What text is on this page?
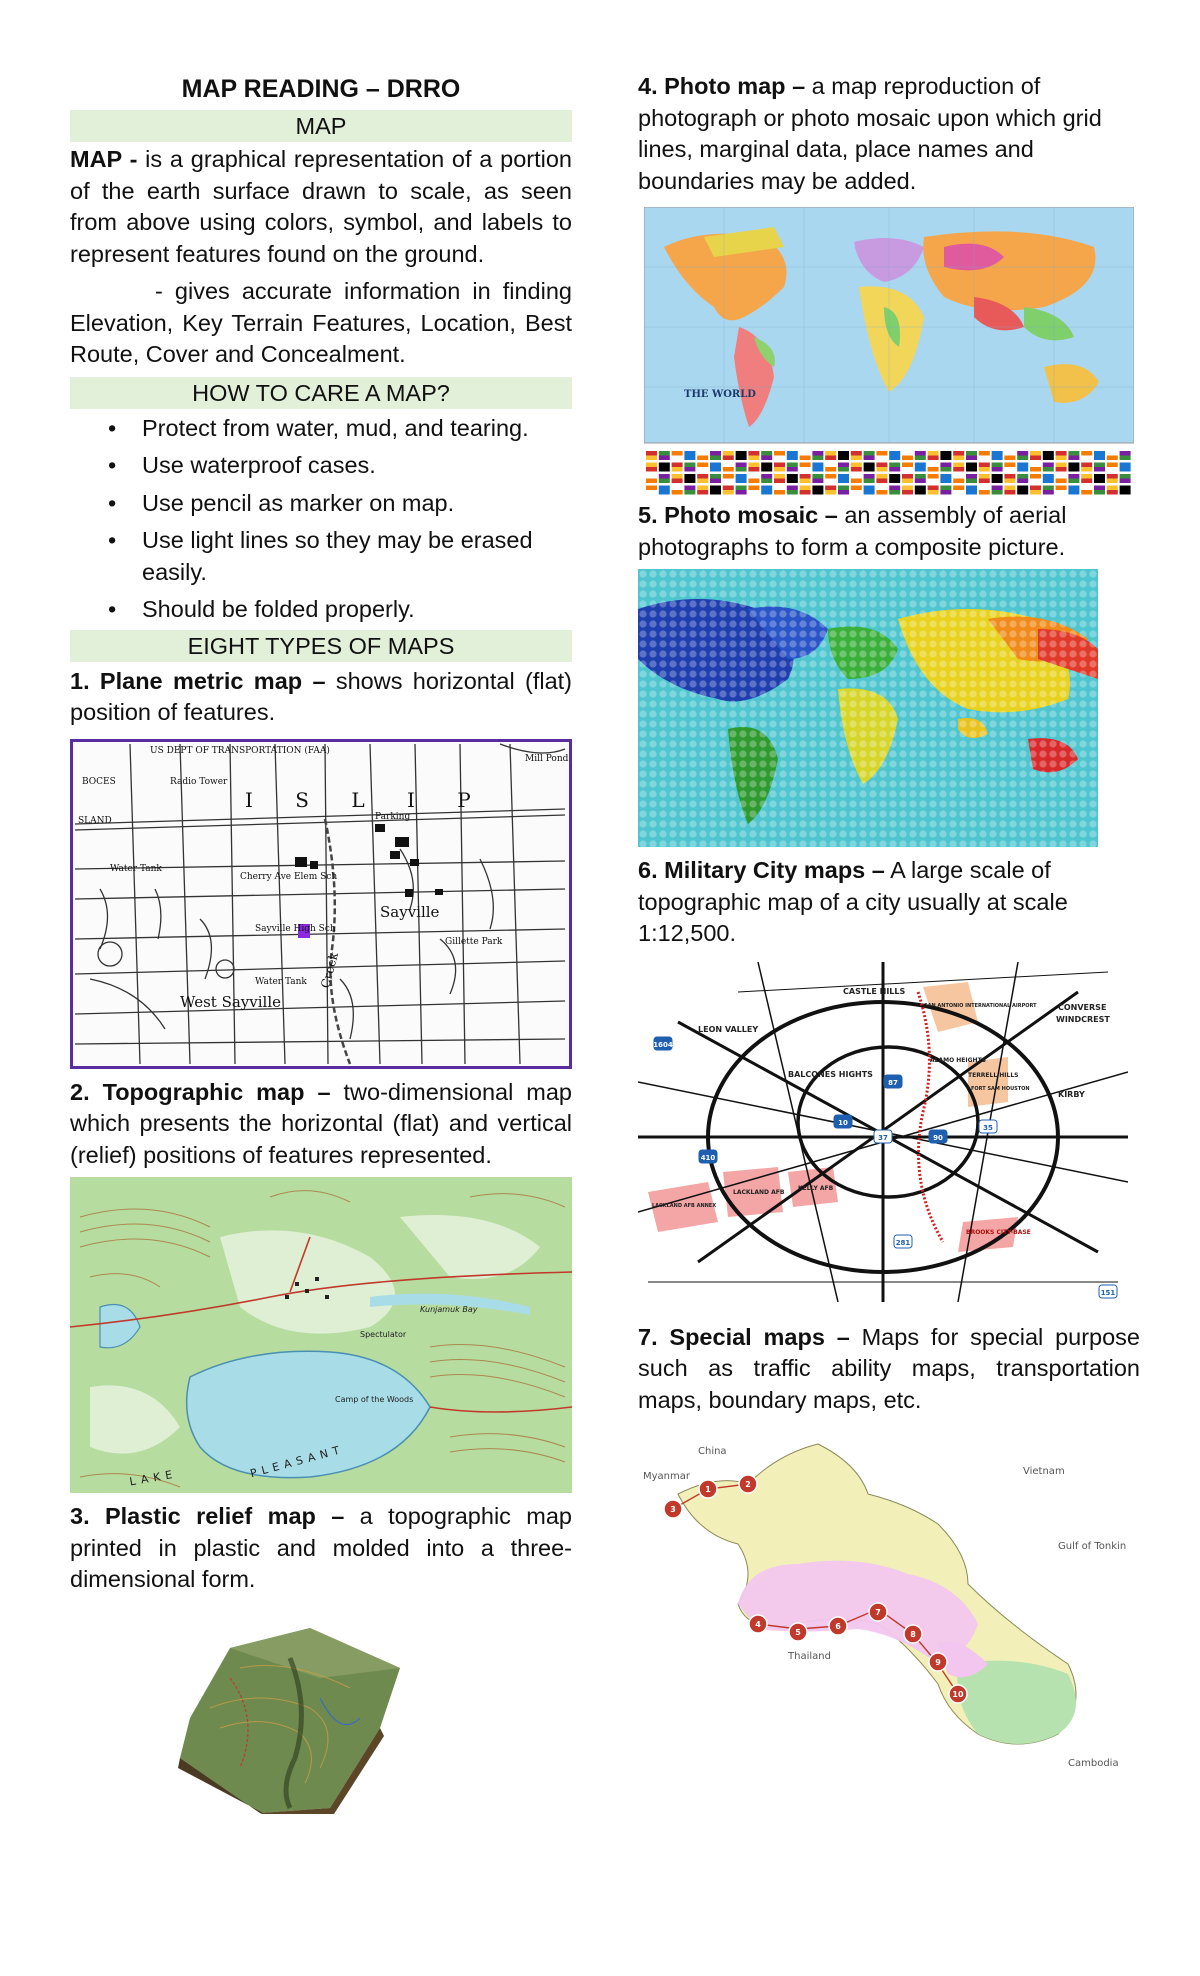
MAP READING – DRRO
MAP

MAP - is a graphical representation of a portion of the earth surface drawn to scale, as seen from above using colors, symbol, and labels to represent features found on the ground.

- gives accurate information in finding Elevation, Key Terrain Features, Location, Best Route, Cover and Concealment.

HOW TO CARE A MAP?
• Protect from water, mud, and tearing.
• Use waterproof cases.
• Use pencil as marker on map.
• Use light lines so they may be erased easily.
• Should be folded properly.
EIGHT TYPES OF MAPS

1. Plane metric map – shows horizontal (flat) position of features.

US DEPT OF TRANSPORTATION (FAA)
Radio Tower
BOCES
I S L I P
Parking
Water Tank
Cherry Ave Elem Sch
Sayville
Sayville High Sch
Creek
West Sayville
Water Tank
Gillette Park
Mill Pond
SLAND

2. Topographic map – two-dimensional map which presents the horizontal (flat) and vertical (relief) positions of features represented.

Spectulator
Camp of the Woods
Kunjamuk Bay
PLEASANT
LAKE

3. Plastic relief map – a topographic map printed in plastic and molded into a three-dimensional form.

4. Photo map – a map reproduction of photograph or photo mosaic upon which grid lines, marginal data, place names and boundaries may be added.

THE WORLD

5. Photo mosaic – an assembly of aerial photographs to form a composite picture.

6. Military City maps – A large scale of topographic map of a city usually at scale 1:12,500.

CASTLE HILLS
LEON VALLEY
BALCONES HIGHTS
ALAMO HEIGHTS
TERRELL HILLS
CONVERSE
WINDCREST
KIRBY
LACKLAND AFB
KELLY AFB
BROOKS CITY-BASE
SAN ANTONIO INTERNATIONAL AIRPORT
FORT SAM HOUSTON
LACKLAND AFB ANNEX
410
35
10
37	90
281
1604
151
87

7. Special maps – Maps for special purpose such as traffic ability maps, transportation maps, boundary maps, etc.

1
2
3
4
5
6
7
8
9
10
China
Myanmar	Vietnam
Gulf of Tonkin
Thailand
Cambodia
